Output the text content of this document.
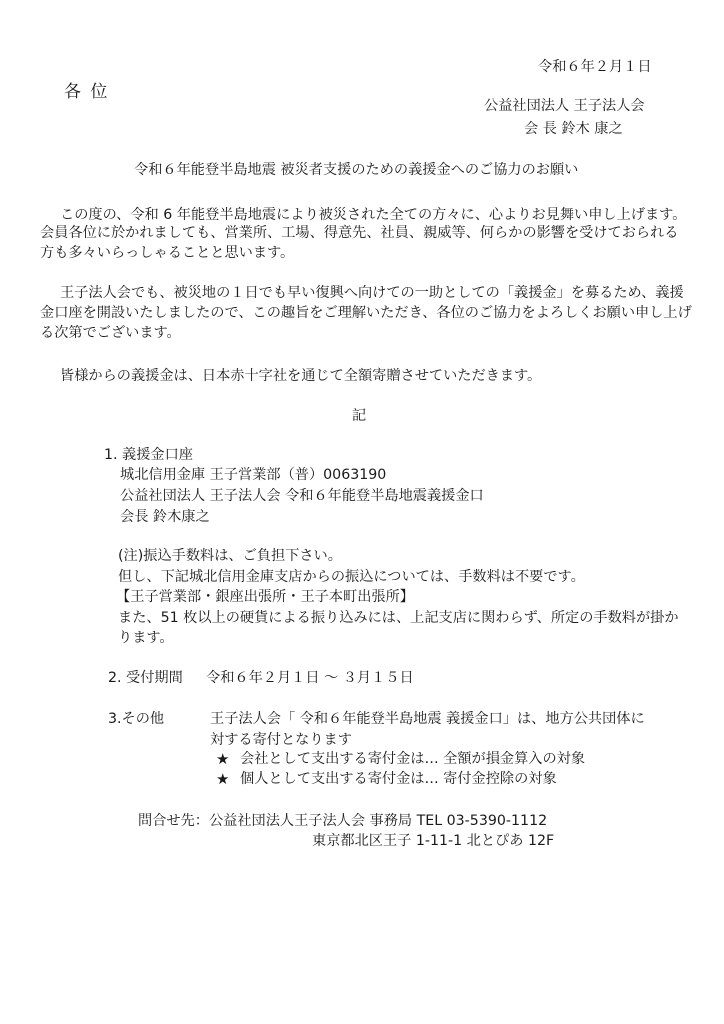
令和６年２月１日
各 位
公益社団法人 王子法人会
会 長 鈴木 康之
令和６年能登半島地震 被災者支援のための義援金へのご協力のお願い
この度の、令和 6 年能登半島地震により被災された全ての方々に、心よりお見舞い申し上げます。
会員各位に於かれましても、営業所、工場、得意先、社員、親威等、何らかの影響を受けておられる
方も多々いらっしゃることと思います。
王子法人会でも、被災地の１日でも早い復興へ向けての一助としての「義援金」を募るため、義援
金口座を開設いたしましたので、この趣旨をご理解いただき、各位のご協力をよろしくお願い申し上げ
る次第でございます。
皆様からの義援金は、日本赤十字社を通じて全額寄贈させていただきます。
記
1. 義援金口座
城北信用金庫 王子営業部（普）0063190
公益社団法人 王子法人会 令和６年能登半島地震義援金口
会長 鈴木康之
(注)振込手数料は、ご負担下さい。
但し、下記城北信用金庫支店からの振込については、手数料は不要です。
【王子営業部・銀座出張所・王子本町出張所】
また、51 枚以上の硬貨による振り込みには、上記支店に関わらず、所定の手数料が掛か
ります。
2. 受付期間 令和６年２月１日 ～ ３月１５日
3.その他	王子法人会「 令和６年能登半島地震 義援金口」は、地方公共団体に
対する寄付となります
★ 会社として支出する寄付金は… 全額が損金算入の対象
★ 個人として支出する寄付金は… 寄付金控除の対象
問合せ先：公益社団法人王子法人会 事務局 TEL 03-5390-1112
東京都北区王子 1-11-1 北とぴあ 12F
